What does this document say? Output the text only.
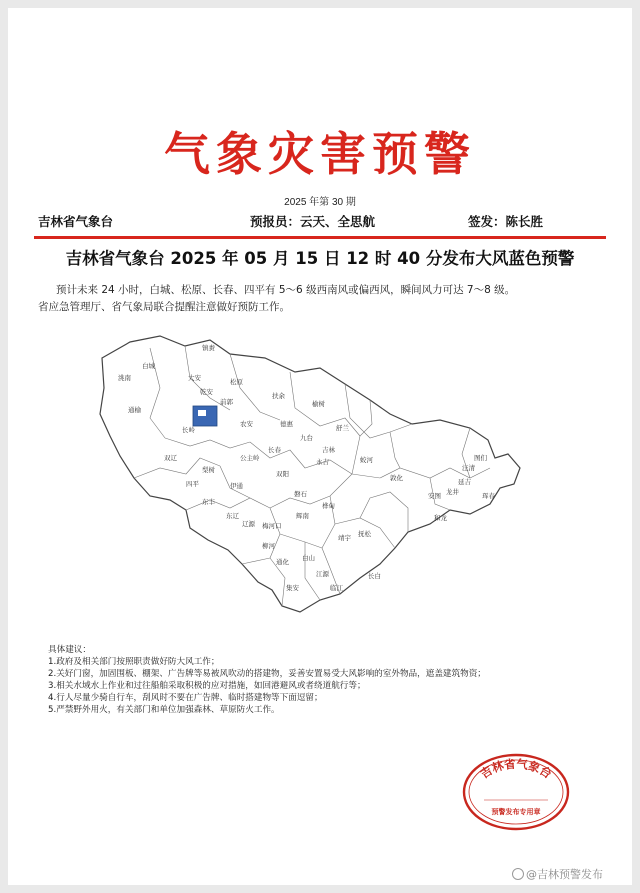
气象灾害预警
2025 年第 30 期
吉林省气象台	预报员：云天、全思航	签发：陈长胜
吉林省气象台 2025 年 05 月 15 日 12 时 40 分发布大风蓝色预警
预计未来 24 小时，白城、松原、长春、四平有 5～6 级西南风或偏西风，瞬间风力可达 7～8 级。
省应急管理厅、省气象局联合提醒注意做好预防工作。
镇赉
洮南
白城
大安
乾安
松原
扶余
前郭
通榆
长岭
农安	德惠
榆树
舒兰
九台
双辽	公主岭
长春	吉林
永吉	蛟河
敦化
安图
汪清
珲春
和龙
龙井
图们
延吉
梨树
伊通
双阳
磐石
桦甸
东丰
东辽
辽源
辉南
梅河口
柳河
靖宇 抚松
通化 白山
江源
集安	临江
长白
四平
具体建议：
1.政府及相关部门按照职责做好防大风工作；
2.关好门窗，加固围板、棚架、广告牌等易被风吹动的搭建物，妥善安置易受大风影响的室外物品，遮盖建筑物资；
3.相关水域水上作业和过往船舶采取积极的应对措施，如回港避风或者绕道航行等；
4.行人尽量少骑自行车，刮风时不要在广告牌、临时搭建物等下面逗留；
5.严禁野外用火，有关部门和单位加强森林、草原防火工作。
吉林省气象台
预警发布专用章
@吉林预警发布
